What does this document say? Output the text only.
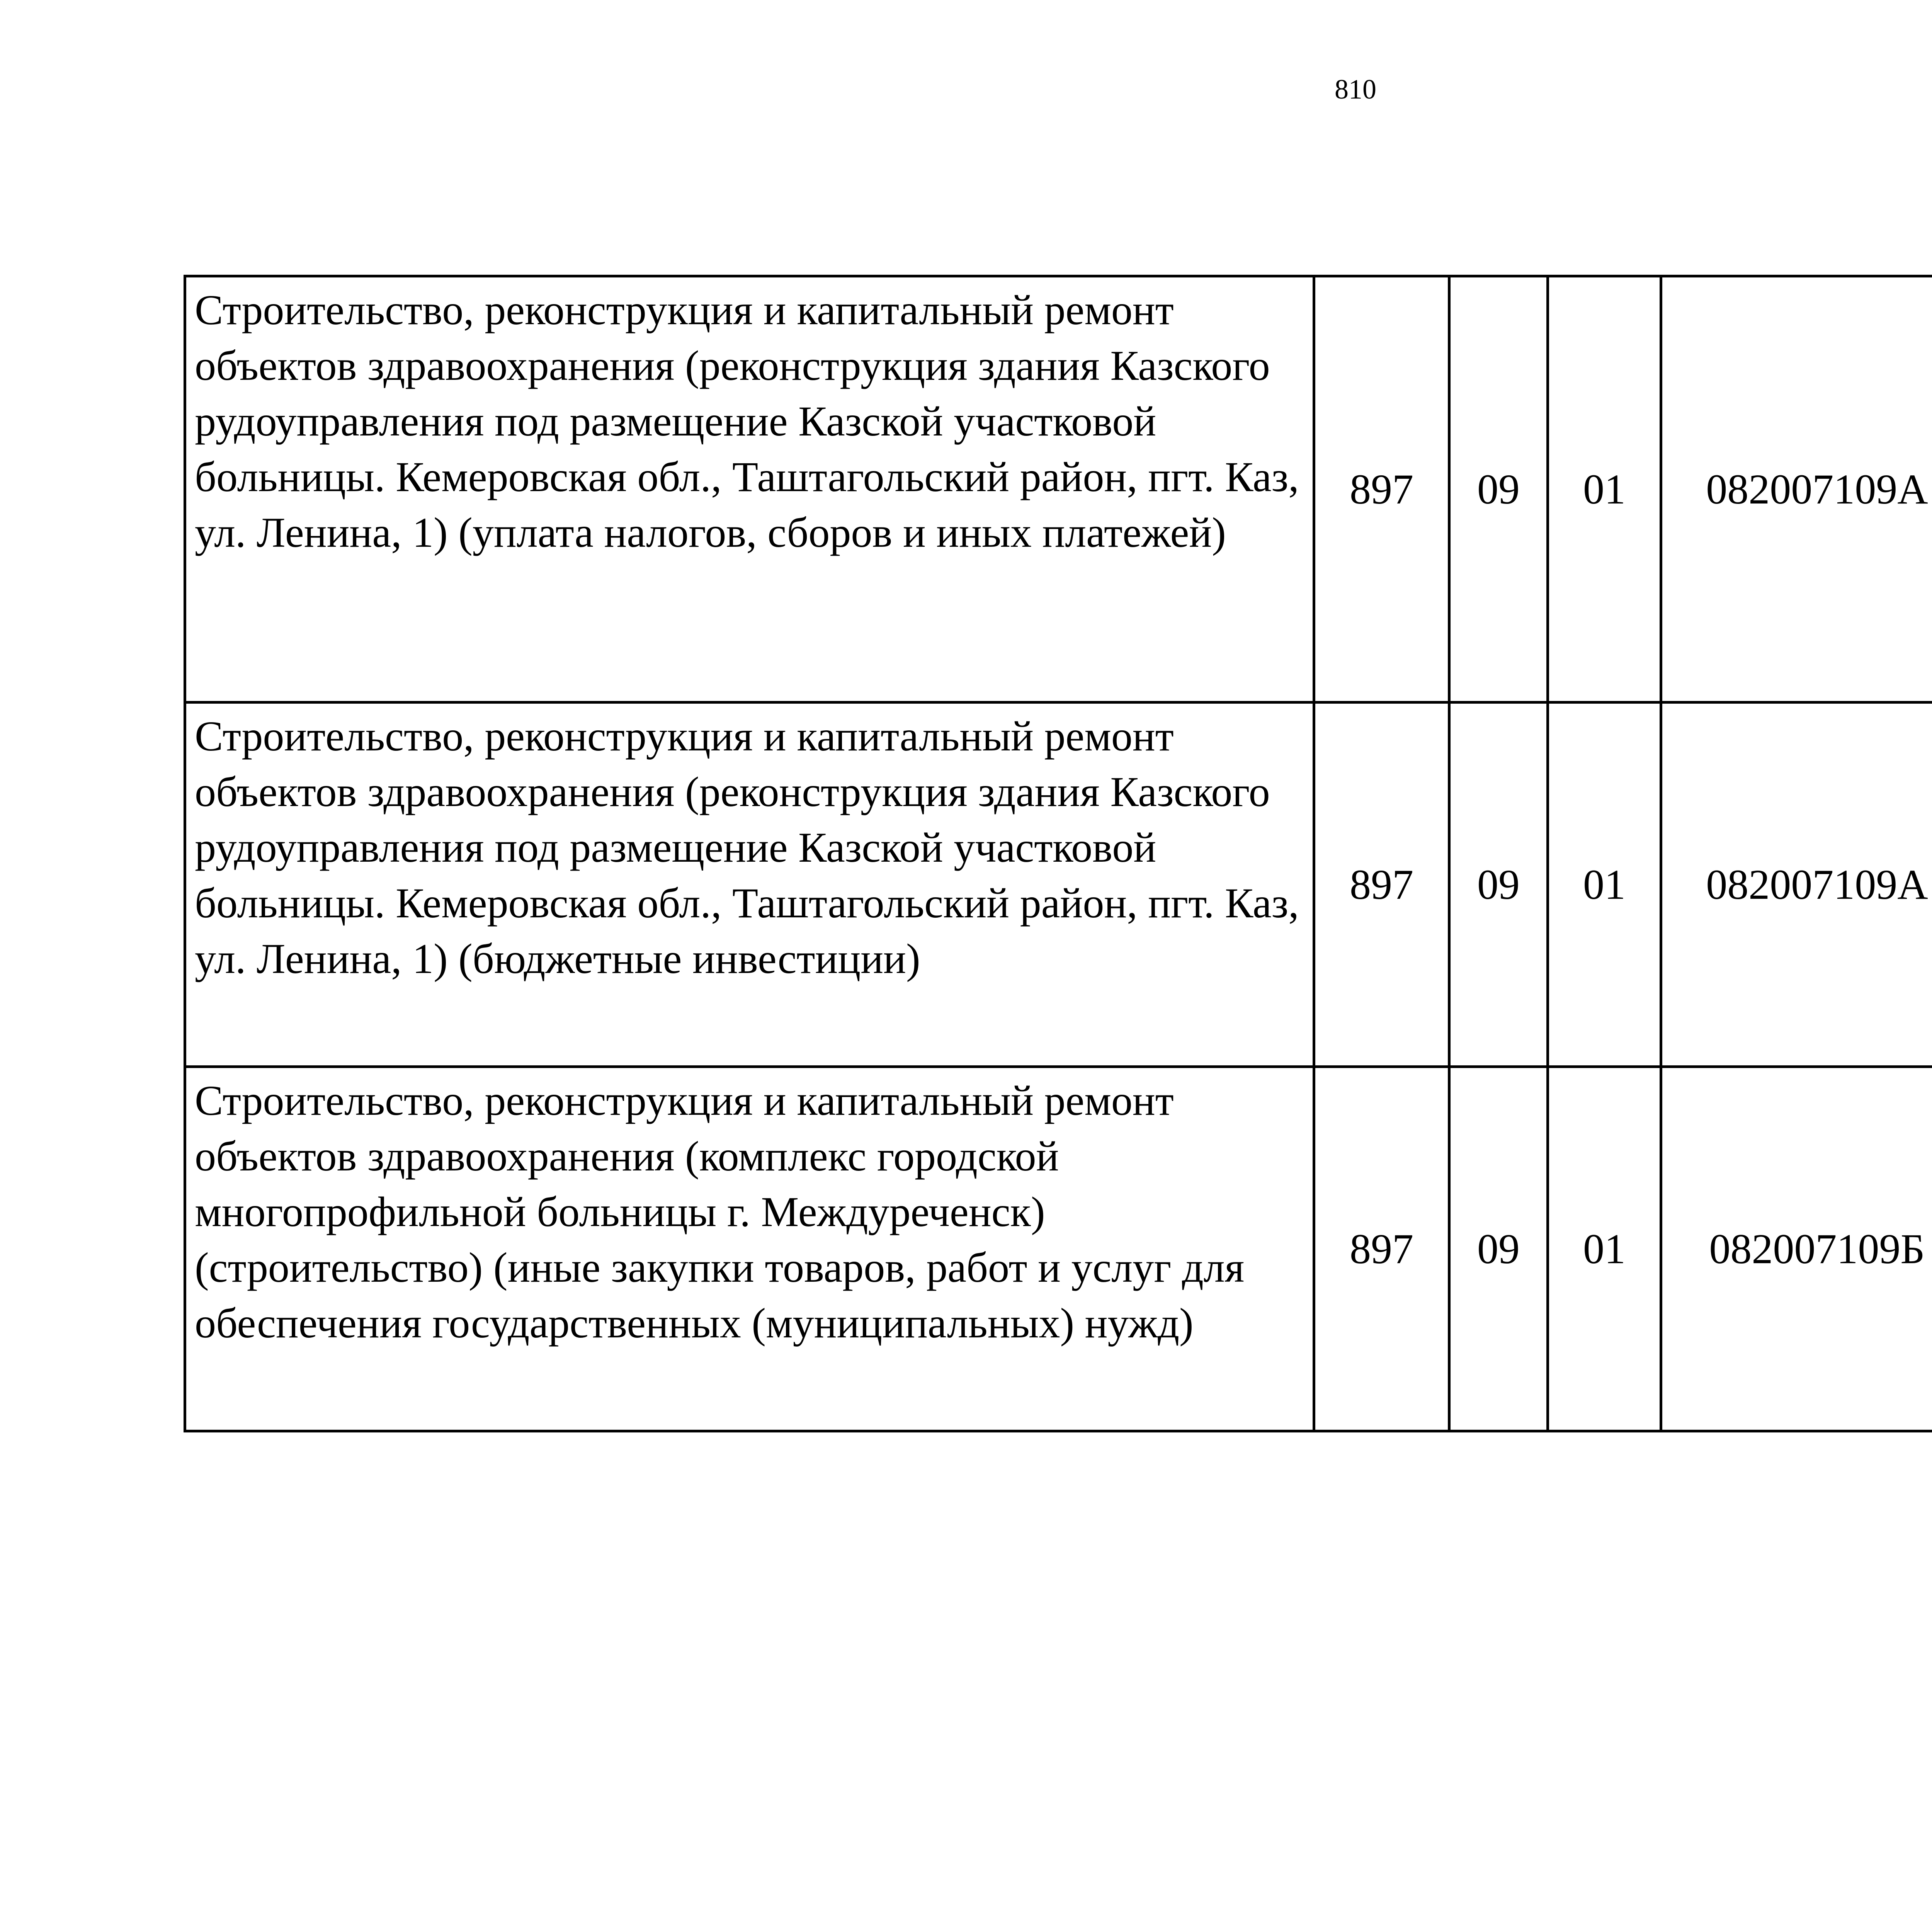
810
Строительство, реконструкция и капитальный ремонт объектов здравоохранения (реконструкция здания Казского рудоуправления под размещение Казской участковой больницы. Кемеровская обл., Таштагольский район, пгт. Каз, ул. Ленина, 1) (уплата налогов, сборов и иных платежей)	897	09	01	082007109А		
Строительство, реконструкция и капитальный ремонт объектов здравоохранения (реконструкция здания Казского рудоуправления под размещение Казской участковой больницы. Кемеровская обл., Таштагольский район, пгт. Каз, ул. Ленина, 1) (бюджетные инвестиции)	897	09	01	082007109А		
Строительство, реконструкция и капитальный ремонт объектов здравоохранения (комплекс городской многопрофильной больницы г. Междуреченск) (строительство) (иные закупки товаров, работ и услуг для обеспечения государственных (муниципальных) нужд)	897	09	01	082007109Б		
